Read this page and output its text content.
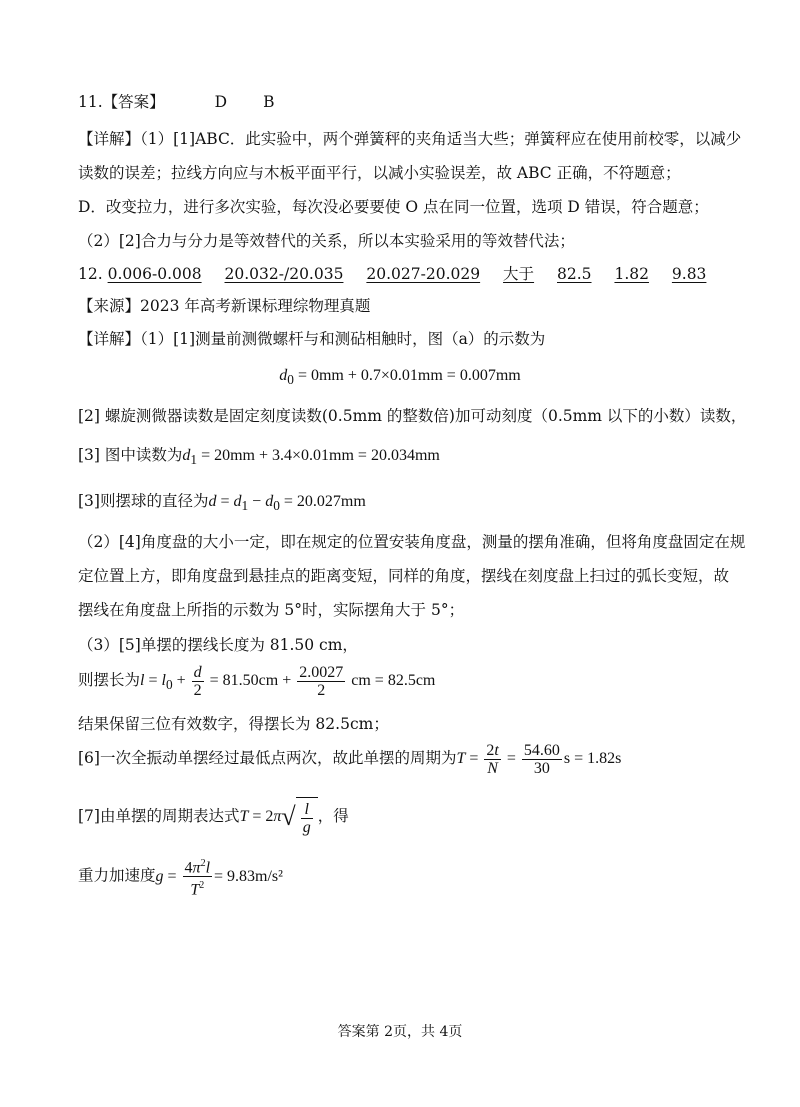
11.【答案】	D B
【详解】（1）[1]ABC．此实验中，两个弹簧秤的夹角适当大些；弹簧秤应在使用前校零，以减少
读数的误差；拉线方向应与木板平面平行，以减小实验误差，故 ABC 正确，不符题意；
D．改变拉力，进行多次实验，每次没必要要使 O 点在同一位置，选项 D 错误，符合题意；
（2）[2]合力与分力是等效替代的关系，所以本实验采用的等效替代法；
12. 0.006-0.008 20.032-/20.035 20.027-20.029 大于 82.5 1.82 9.83
【来源】2023 年高考新课标理综物理真题
【详解】（1）[1]测量前测微螺杆与和测砧相触时，图（a）的示数为
$d_0 = 0mm + 0.7\times 0.01mm = 0.007mm$
[2] 螺旋测微器读数是固定刻度读数(0.5mm 的整数倍)加可动刻度（0.5mm 以下的小数）读数，
[3] 图中读数为$d_1 = 20mm + 3.4\times 0.01mm = 20.034mm$
[3]则摆球的直径为$d = d_1 - d_0 = 20.027mm$
（2）[4]角度盘的大小一定，即在规定的位置安装角度盘，测量的摆角准确，但将角度盘固定在规
定位置上方，即角度盘到悬挂点的距离变短，同样的角度，摆线在刻度盘上扫过的弧长变短，故
摆线在角度盘上所指的示数为 5°时，实际摆角大于 5°；
（3）[5]单摆的摆线长度为 81.50 cm，
则摆长为$l = l_0 + \frac{d}{2} = 81.50cm + \frac{2.0027}{2}$ cm = 82.5cm
结果保留三位有效数字，得摆长为 82.5cm；
[6]一次全振动单摆经过最低点两次，故此单摆的周期为$T = \frac{2t}{N} = \frac{54.60}{30}$ s = 1.82s
[7]由单摆的周期表达式$T = 2\pi√ \frac{l}{g}$ ，得
重力加速度$g = \frac{4\pi^2l}{T^2} = 9.83m/s^2$
答案第 2页，共 4页
